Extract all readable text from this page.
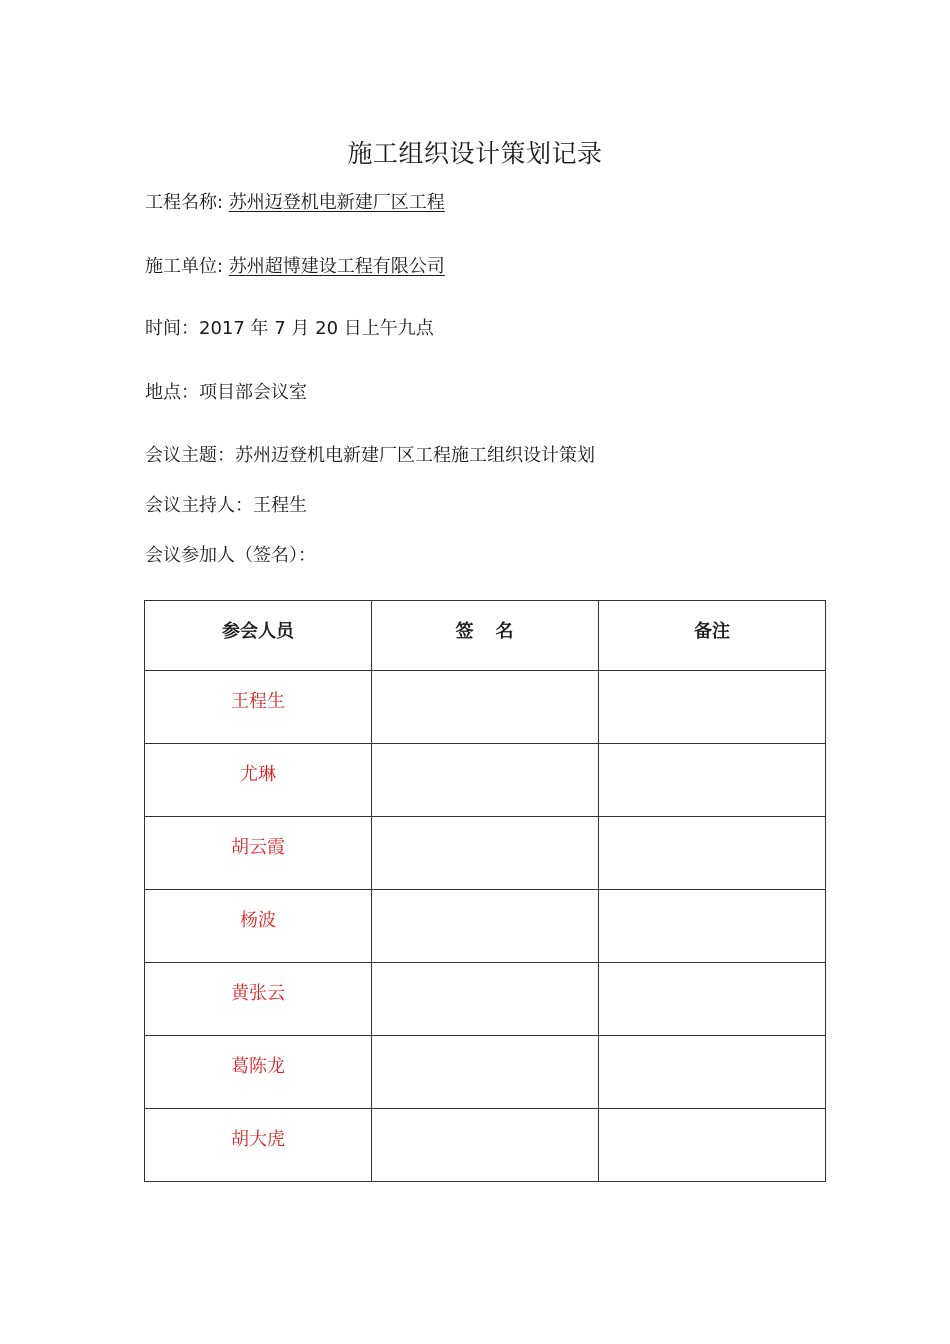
施工组织设计策划记录
工程名称: 苏州迈登机电新建厂区工程
施工单位: 苏州超博建设工程有限公司
时间：2017 年 7 月 20 日上午九点
地点：项目部会议室
会议主题：苏州迈登机电新建厂区工程施工组织设计策划
会议主持人：王程生
会议参加人（签名）：
参会人员	签名	备注
王程生		
尤琳		
胡云霞		
杨波		
黄张云		
葛陈龙		
胡大虎		
